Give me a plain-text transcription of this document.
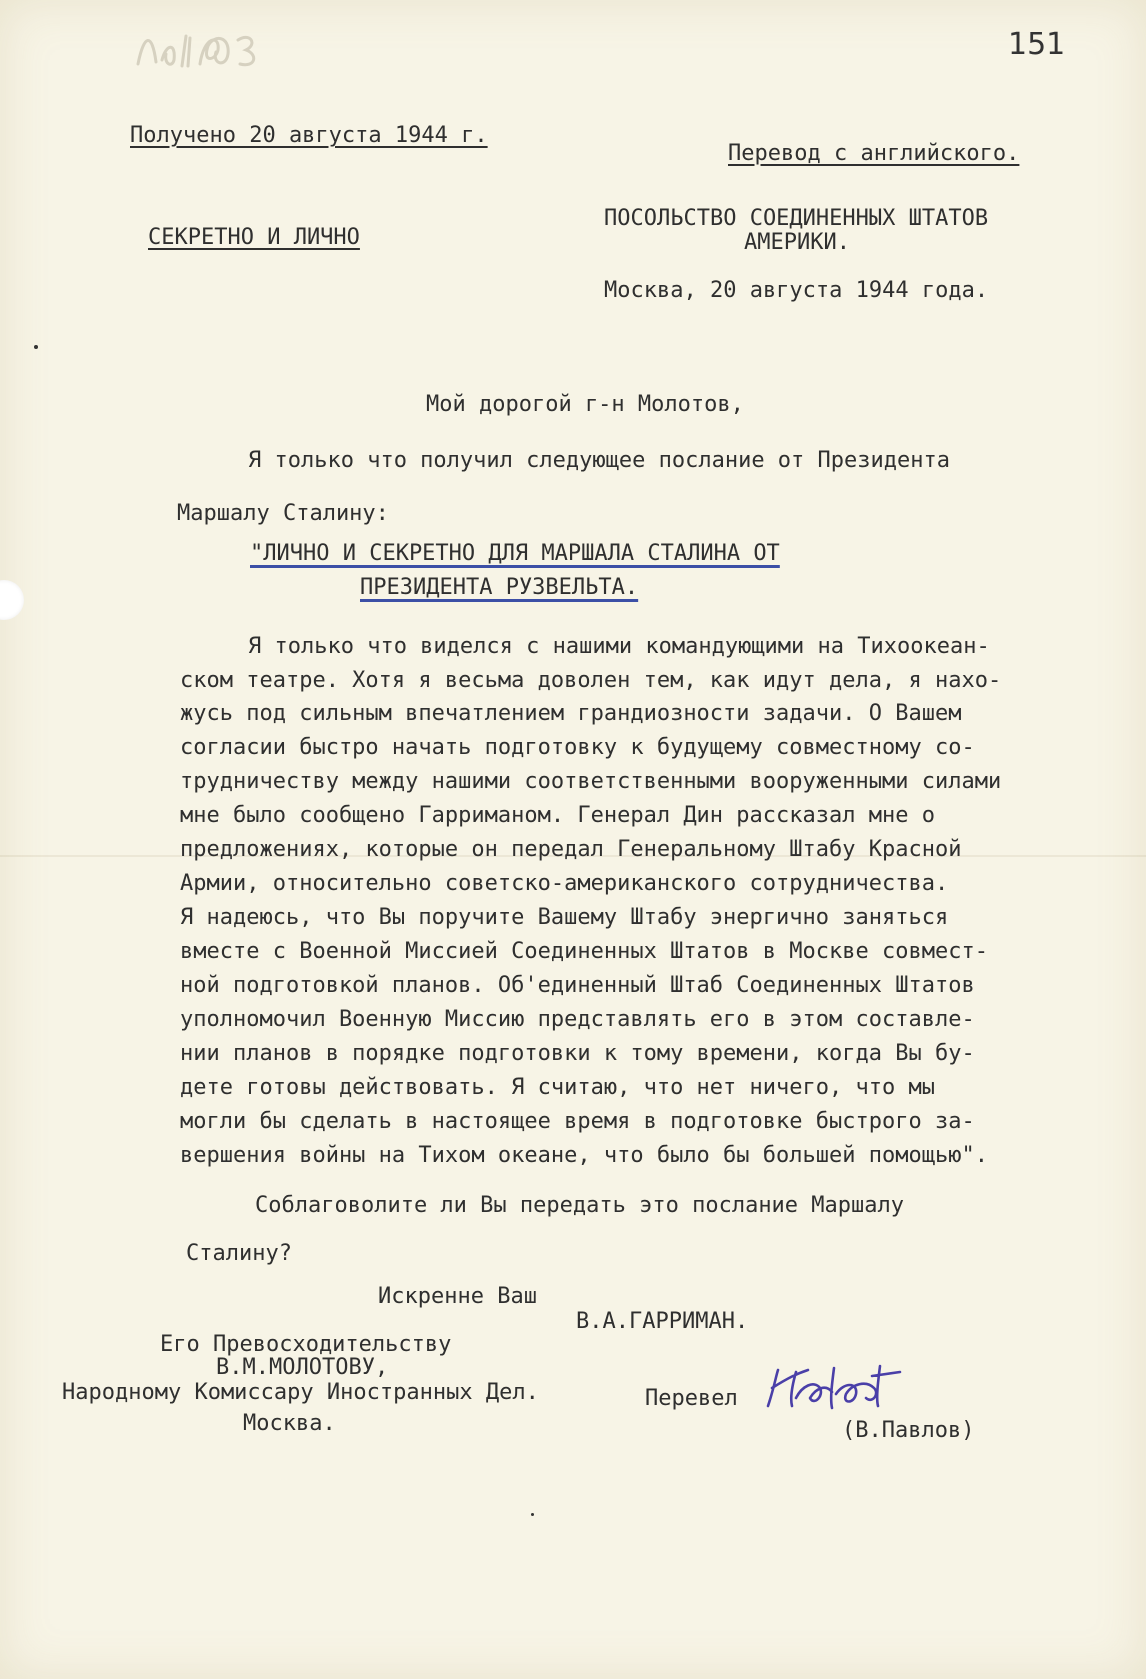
151
Получено 20 августа 1944 г.
Перевод с английского.
СЕКРЕТНО И ЛИЧНО
ПОСОЛЬСТВО СОЕДИНЕННЫХ ШТАТОВ
АМЕРИКИ.
Москва, 20 августа 1944 года.
Мой дорогой г-н Молотов,
Я только что получил следующее послание от Президента
Маршалу Сталину:
"ЛИЧНО И СЕКРЕТНО ДЛЯ МАРШАЛА СТАЛИНА ОТ
ПРЕЗИДЕНТА РУЗВЕЛЬТА.
Я только что виделся с нашими командующими на Тихоокеан-
ском театре. Хотя я весьма доволен тем, как идут дела, я нахо-
жусь под сильным впечатлением грандиозности задачи. О Вашем
согласии быстро начать подготовку к будущему совместному со-
трудничеству между нашими соответственными вооруженными силами
мне было сообщено Гарриманом. Генерал Дин рассказал мне о
предложениях, которые он передал Генеральному Штабу Красной
Армии, относительно советско-американского сотрудничества.
Я надеюсь, что Вы поручите Вашему Штабу энергично заняться
вместе с Военной Миссией Соединенных Штатов в Москве совмест-
ной подготовкой планов. Об'единенный Штаб Соединенных Штатов
уполномочил Военную Миссию представлять его в этом составле-
нии планов в порядке подготовки к тому времени, когда Вы бу-
дете готовы действовать. Я считаю, что нет ничего, что мы
могли бы сделать в настоящее время в подготовке быстрого за-
вершения войны на Тихом океане, что было бы большей помощью".
Соблаговолите ли Вы передать это послание Маршалу
Сталину?
Искренне Ваш
В.А.ГАРРИМАН.
Его Превосходительству
В.М.МОЛОТОВУ,
Народному Комиссару Иностранных Дел.
Москва.
Перевел
(В.Павлов)
